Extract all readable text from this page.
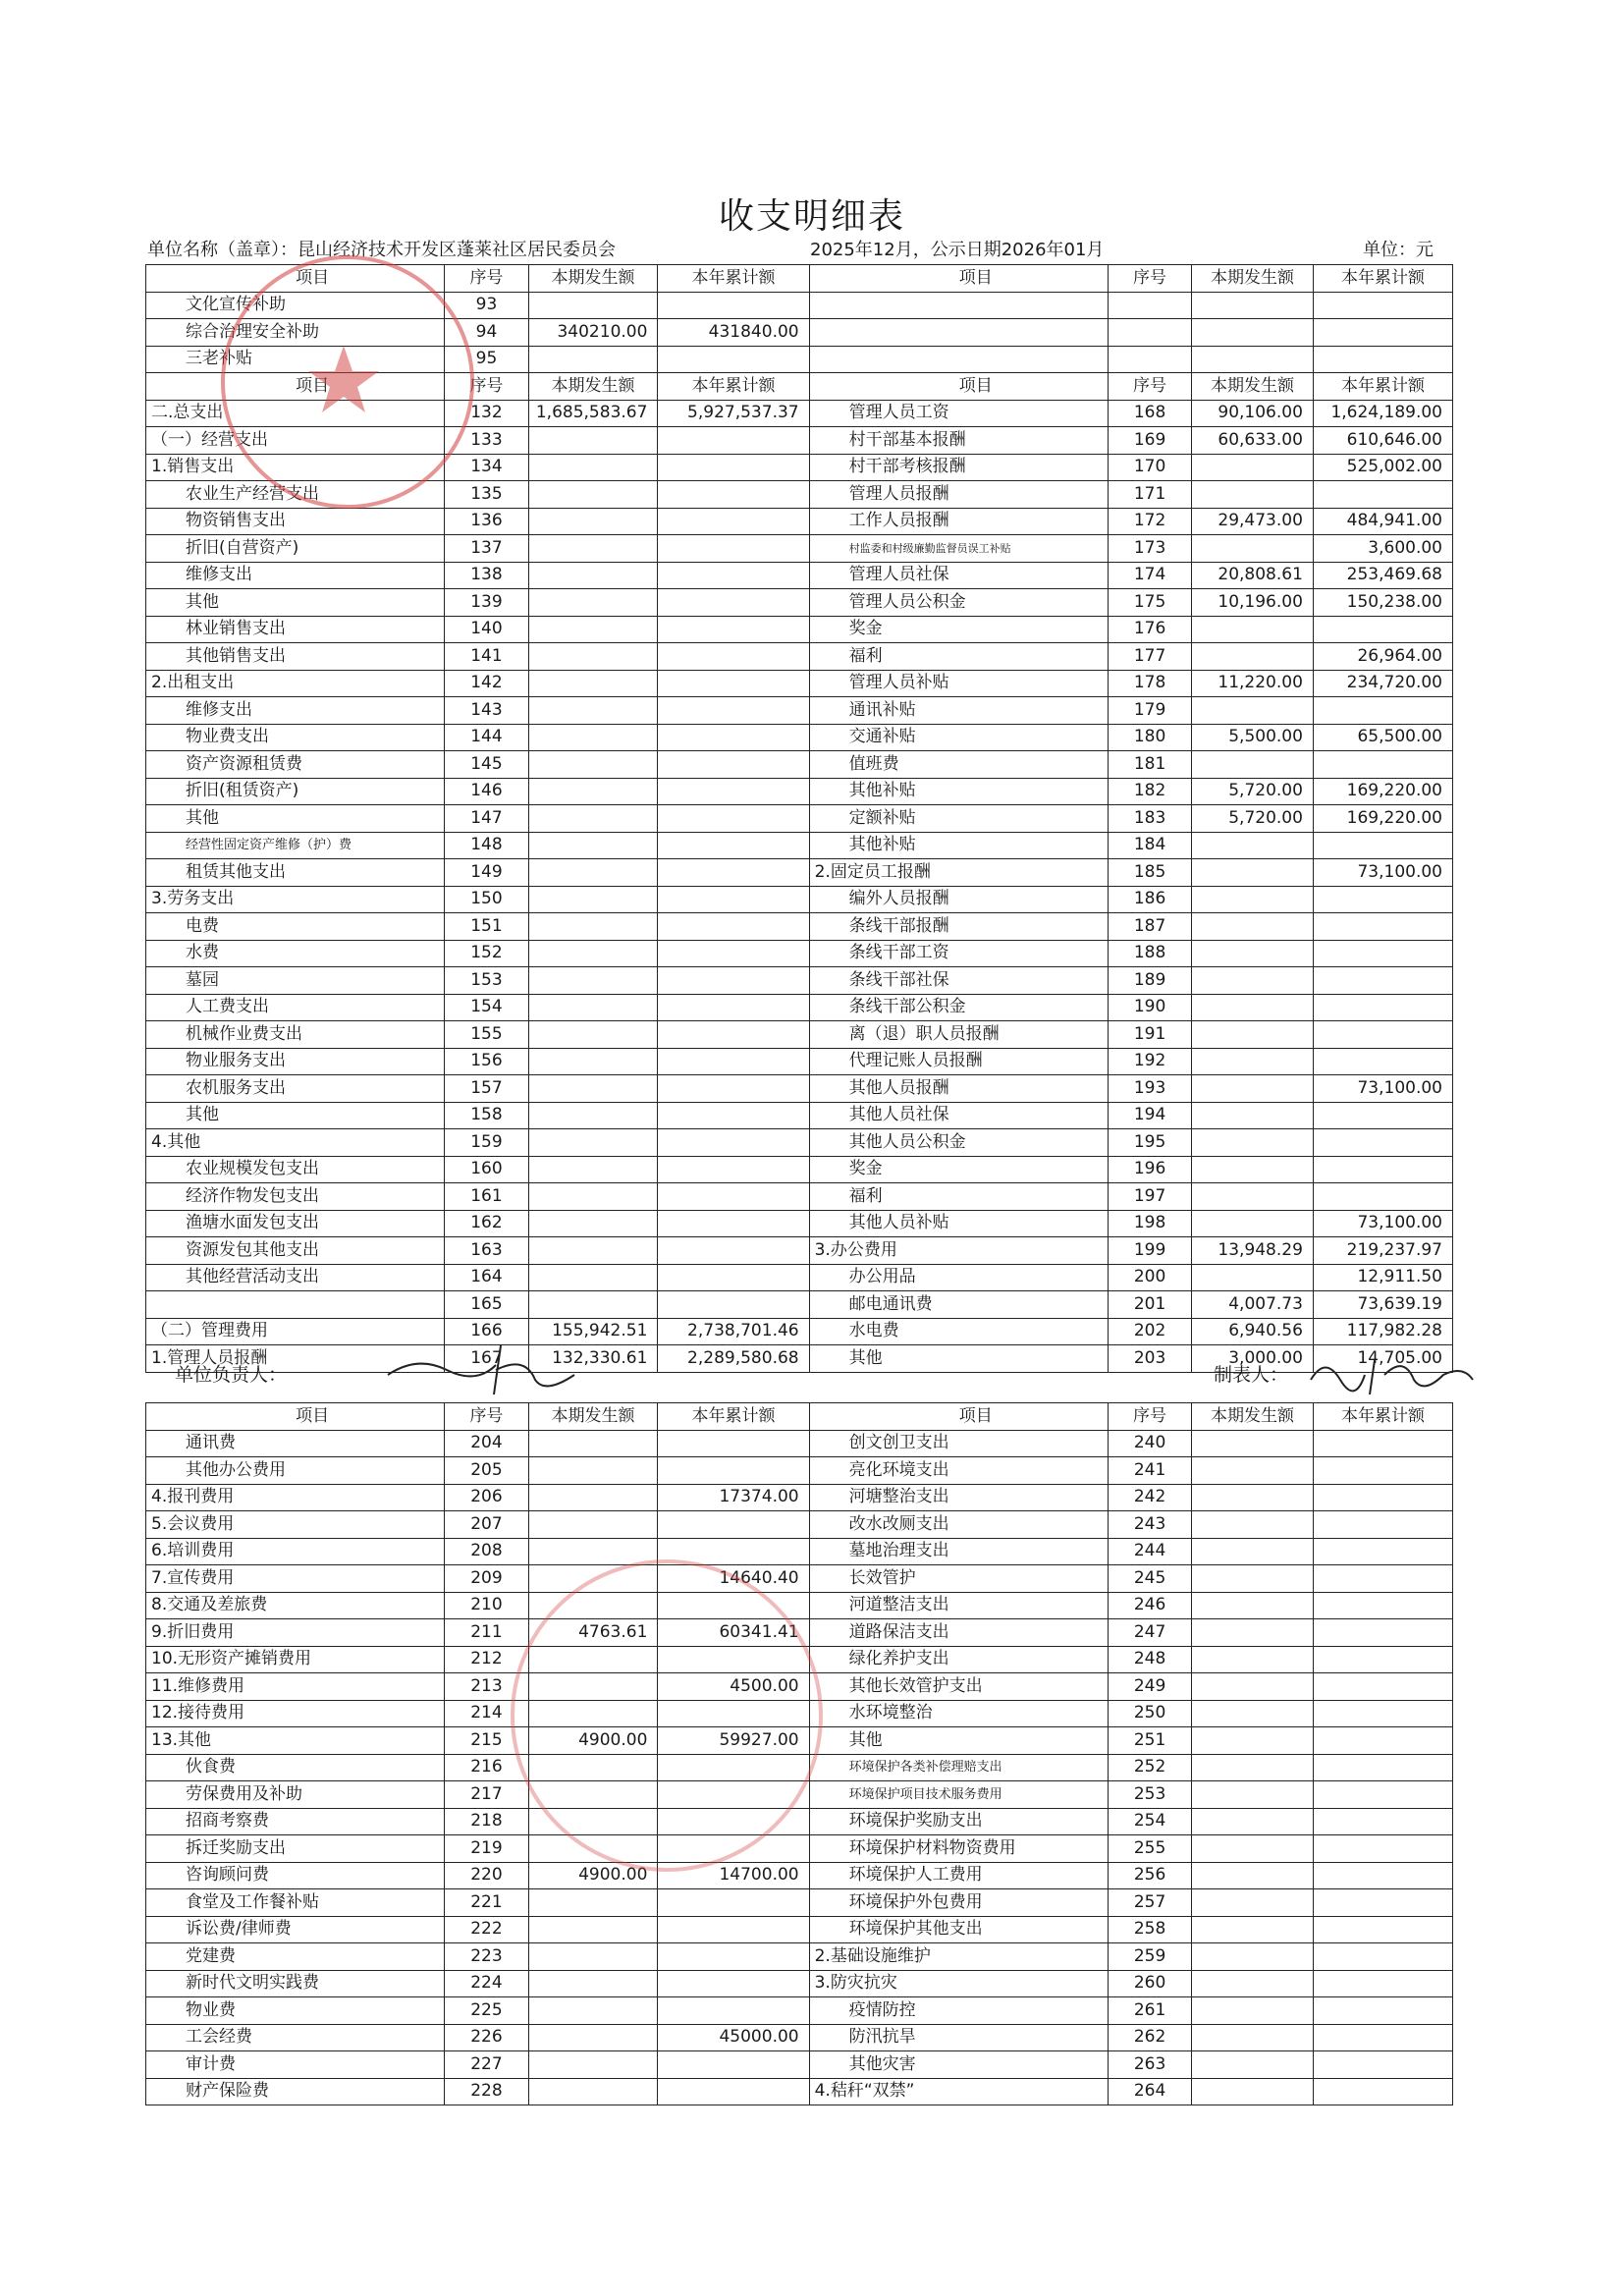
收支明细表
单位名称（盖章）：昆山经济技术开发区蓬莱社区居民委员会	2025年12月，公示日期2026年01月	单位：元
项目	序号	本期发生额	本年累计额	项目	序号	本期发生额	本年累计额
文化宣传补助	93						
综合治理安全补助	94	340210.00	431840.00				
三老补贴	95						
项目	序号	本期发生额	本年累计额	项目	序号	本期发生额	本年累计额
二.总支出	132	1,685,583.67	5,927,537.37	管理人员工资	168	90,106.00	1,624,189.00
（一）经营支出	133			村干部基本报酬	169	60,633.00	610,646.00
1.销售支出	134			村干部考核报酬	170		525,002.00
农业生产经营支出	135			管理人员报酬	171		
物资销售支出	136			工作人员报酬	172	29,473.00	484,941.00
折旧(自营资产)	137			村监委和村级廉勤监督员误工补贴	173		3,600.00
维修支出	138			管理人员社保	174	20,808.61	253,469.68
其他	139			管理人员公积金	175	10,196.00	150,238.00
林业销售支出	140			奖金	176		
其他销售支出	141			福利	177		26,964.00
2.出租支出	142			管理人员补贴	178	11,220.00	234,720.00
维修支出	143			通讯补贴	179		
物业费支出	144			交通补贴	180	5,500.00	65,500.00
资产资源租赁费	145			值班费	181		
折旧(租赁资产)	146			其他补贴	182	5,720.00	169,220.00
其他	147			定额补贴	183	5,720.00	169,220.00
经营性固定资产维修（护）费	148			其他补贴	184		
租赁其他支出	149			2.固定员工报酬	185		73,100.00
3.劳务支出	150			编外人员报酬	186		
电费	151			条线干部报酬	187		
水费	152			条线干部工资	188		
墓园	153			条线干部社保	189		
人工费支出	154			条线干部公积金	190		
机械作业费支出	155			离（退）职人员报酬	191		
物业服务支出	156			代理记账人员报酬	192		
农机服务支出	157			其他人员报酬	193		73,100.00
其他	158			其他人员社保	194		
4.其他	159			其他人员公积金	195		
农业规模发包支出	160			奖金	196		
经济作物发包支出	161			福利	197		
渔塘水面发包支出	162			其他人员补贴	198		73,100.00
资源发包其他支出	163			3.办公费用	199	13,948.29	219,237.97
其他经营活动支出	164			办公用品	200		12,911.50
	165			邮电通讯费	201	4,007.73	73,639.19
（二）管理费用	166	155,942.51	2,738,701.46	水电费	202	6,940.56	117,982.28
1.管理人员报酬	167	132,330.61	2,289,580.68	其他	203	3,000.00	14,705.00
单位负责人：	制表人：
项目	序号	本期发生额	本年累计额	项目	序号	本期发生额	本年累计额
通讯费	204			创文创卫支出	240		
其他办公费用	205			亮化环境支出	241		
4.报刊费用	206		17374.00	河塘整治支出	242		
5.会议费用	207			改水改厕支出	243		
6.培训费用	208			墓地治理支出	244		
7.宣传费用	209		14640.40	长效管护	245		
8.交通及差旅费	210			河道整洁支出	246		
9.折旧费用	211	4763.61	60341.41	道路保洁支出	247		
10.无形资产摊销费用	212			绿化养护支出	248		
11.维修费用	213		4500.00	其他长效管护支出	249		
12.接待费用	214			水环境整治	250		
13.其他	215	4900.00	59927.00	其他	251		
伙食费	216			环境保护各类补偿理赔支出	252		
劳保费用及补助	217			环境保护项目技术服务费用	253		
招商考察费	218			环境保护奖励支出	254		
拆迁奖励支出	219			环境保护材料物资费用	255		
咨询顾问费	220	4900.00	14700.00	环境保护人工费用	256		
食堂及工作餐补贴	221			环境保护外包费用	257		
诉讼费/律师费	222			环境保护其他支出	258		
党建费	223			2.基础设施维护	259		
新时代文明实践费	224			3.防灾抗灾	260		
物业费	225			疫情防控	261		
工会经费	226		45000.00	防汛抗旱	262		
审计费	227			其他灾害	263		
财产保险费	228			4.秸秆“双禁”	264		
